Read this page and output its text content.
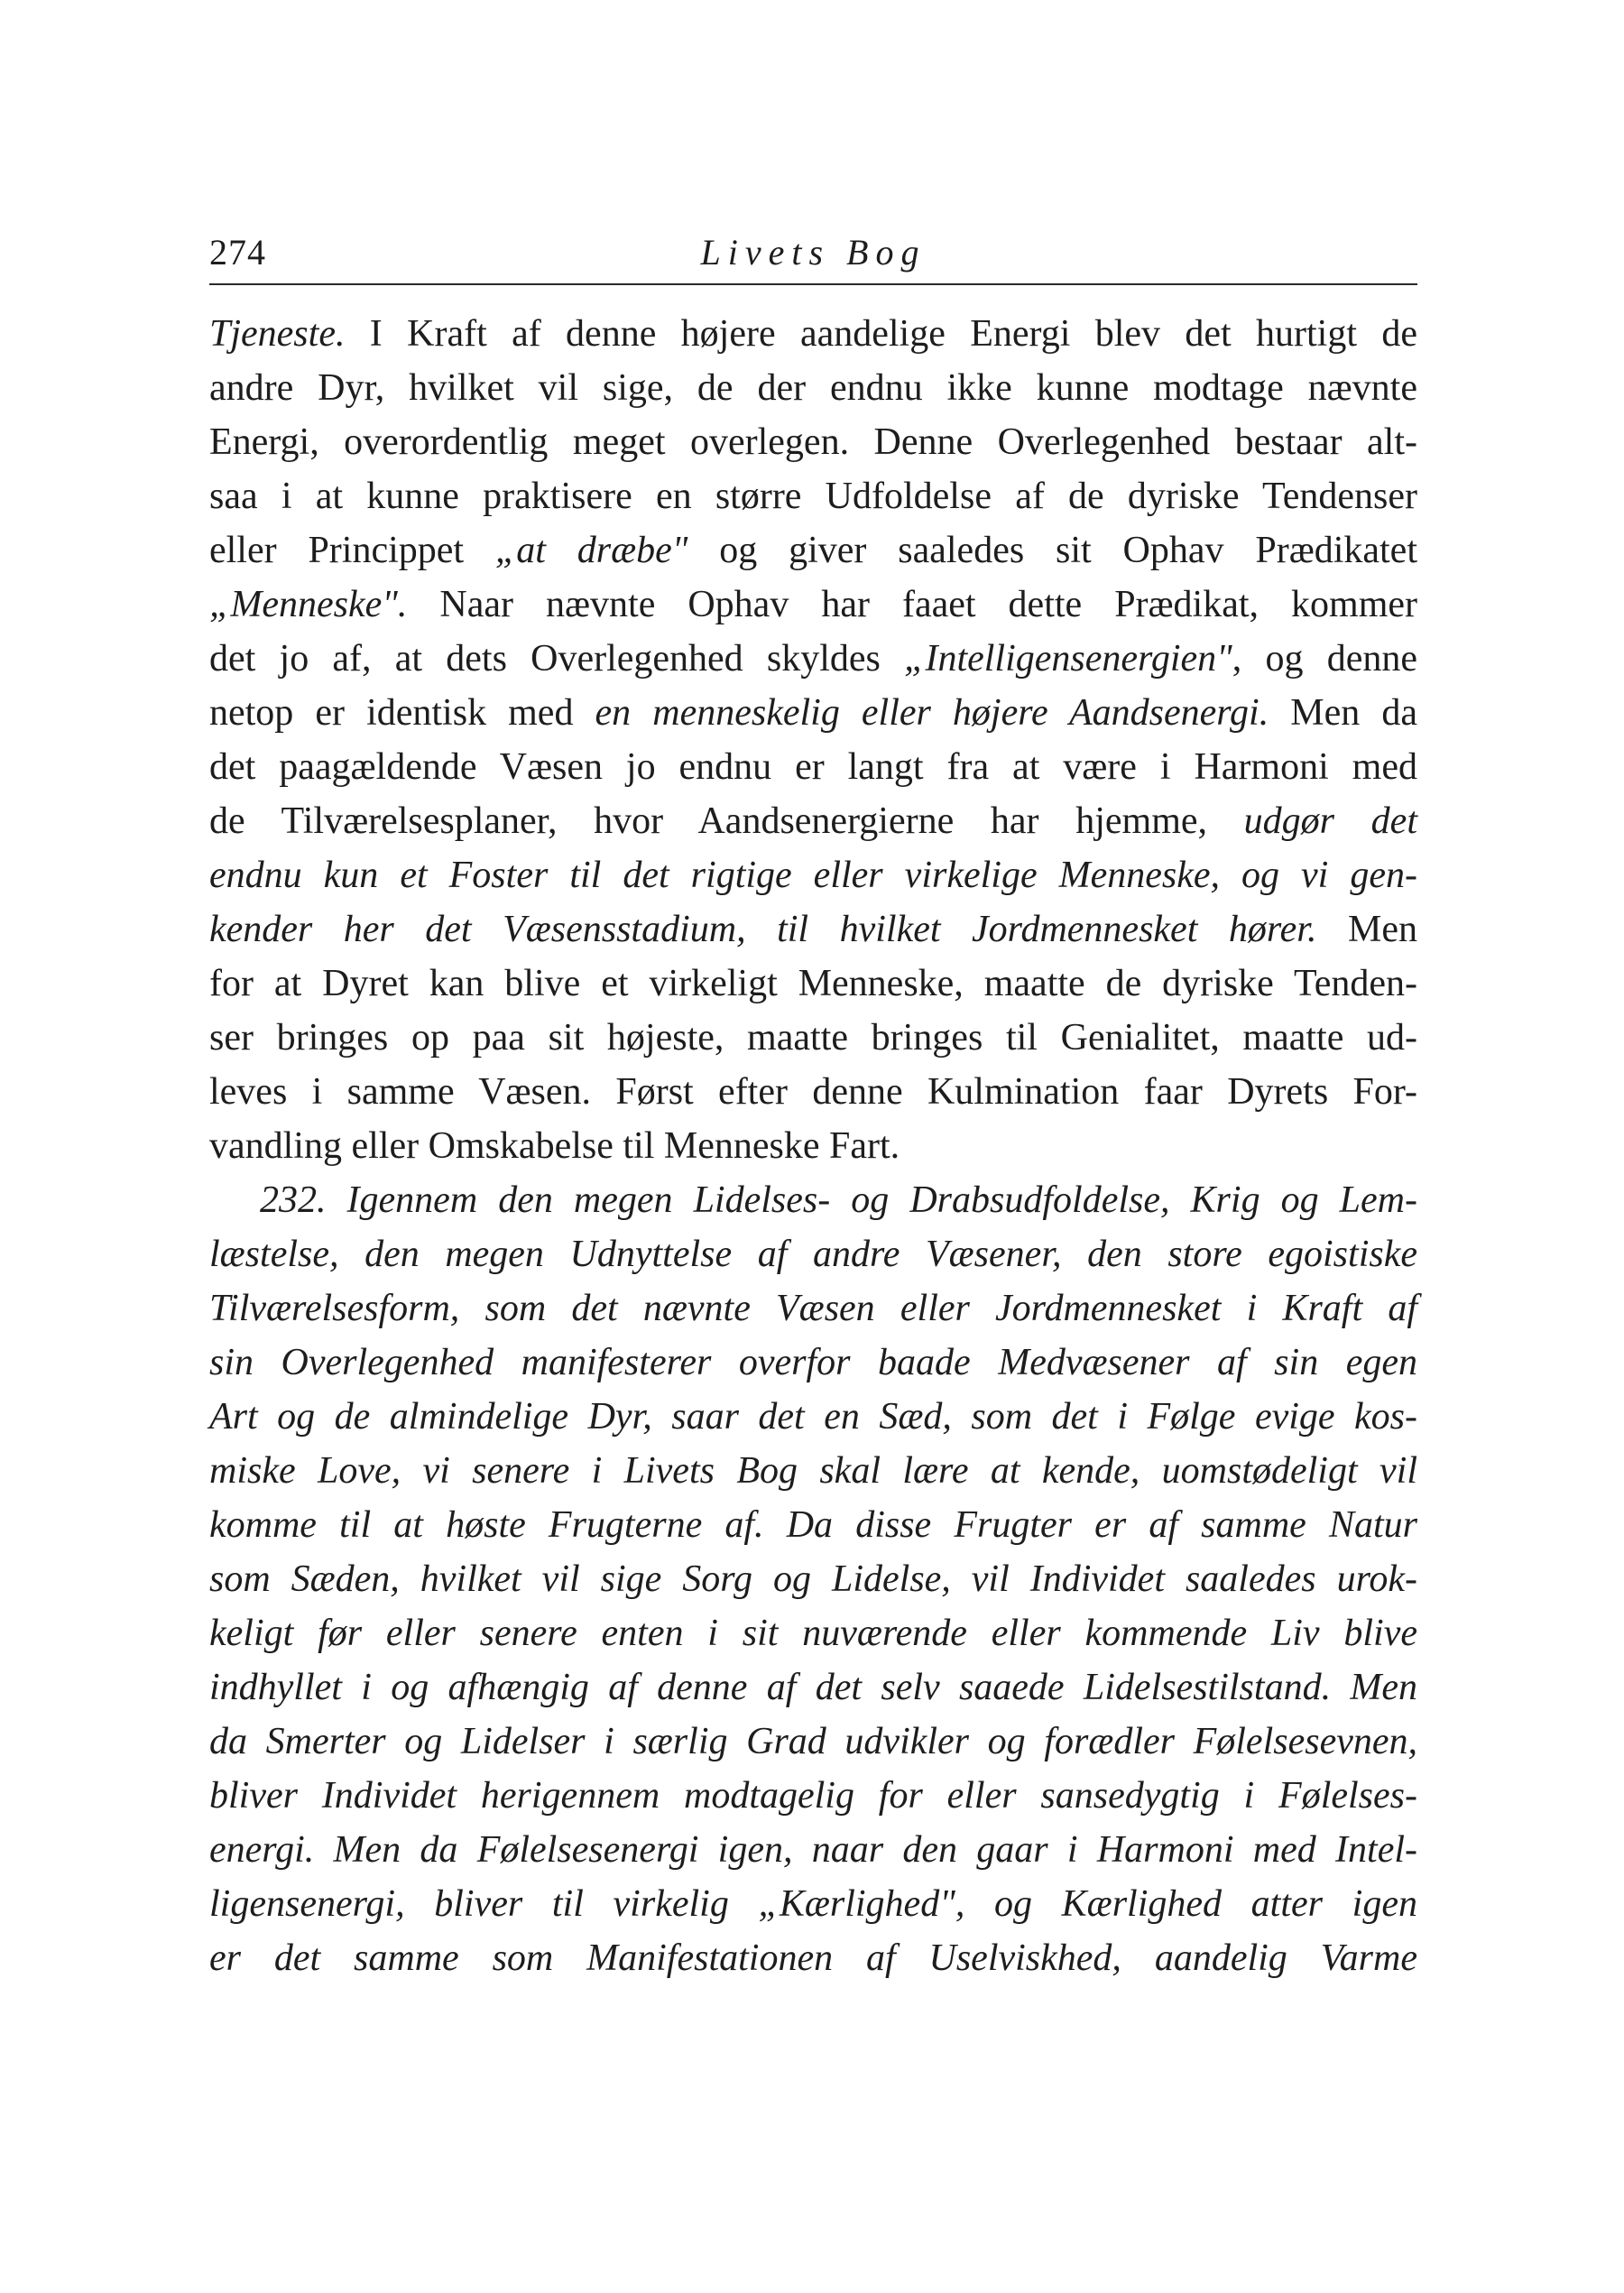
274	Livets Bog
Tjeneste. I Kraft af denne højere aandelige Energi blev det hurtigt de
andre Dyr, hvilket vil sige, de der endnu ikke kunne modtage nævnte
Energi, overordentlig meget overlegen. Denne Overlegenhed bestaar alt-
saa i at kunne praktisere en større Udfoldelse af de dyriske Tendenser
eller Princippet „at dræbe" og giver saaledes sit Ophav Prædikatet
„Menneske". Naar nævnte Ophav har faaet dette Prædikat, kommer
det jo af, at dets Overlegenhed skyldes „Intelligensenergien", og denne
netop er identisk med en menneskelig eller højere Aandsenergi. Men da
det paagældende Væsen jo endnu er langt fra at være i Harmoni med
de Tilværelsesplaner, hvor Aandsenergierne har hjemme, udgør det
endnu kun et Foster til det rigtige eller virkelige Menneske, og vi gen-
kender her det Væsensstadium, til hvilket Jordmennesket hører. Men
for at Dyret kan blive et virkeligt Menneske, maatte de dyriske Tenden-
ser bringes op paa sit højeste, maatte bringes til Genialitet, maatte ud-
leves i samme Væsen. Først efter denne Kulmination faar Dyrets For-
vandling eller Omskabelse til Menneske Fart.
232. Igennem den megen Lidelses- og Drabsudfoldelse, Krig og Lem-
læstelse, den megen Udnyttelse af andre Væsener, den store egoistiske
Tilværelsesform, som det nævnte Væsen eller Jordmennesket i Kraft af
sin Overlegenhed manifesterer overfor baade Medvæsener af sin egen
Art og de almindelige Dyr, saar det en Sæd, som det i Følge evige kos-
miske Love, vi senere i Livets Bog skal lære at kende, uomstødeligt vil
komme til at høste Frugterne af. Da disse Frugter er af samme Natur
som Sæden, hvilket vil sige Sorg og Lidelse, vil Individet saaledes urok-
keligt før eller senere enten i sit nuværende eller kommende Liv blive
indhyllet i og afhængig af denne af det selv saaede Lidelsestilstand. Men
da Smerter og Lidelser i særlig Grad udvikler og forædler Følelsesevnen,
bliver Individet herigennem modtagelig for eller sansedygtig i Følelses-
energi. Men da Følelsesenergi igen, naar den gaar i Harmoni med Intel-
ligensenergi, bliver til virkelig „Kærlighed", og Kærlighed atter igen
er det samme som Manifestationen af Uselviskhed, aandelig Varme
